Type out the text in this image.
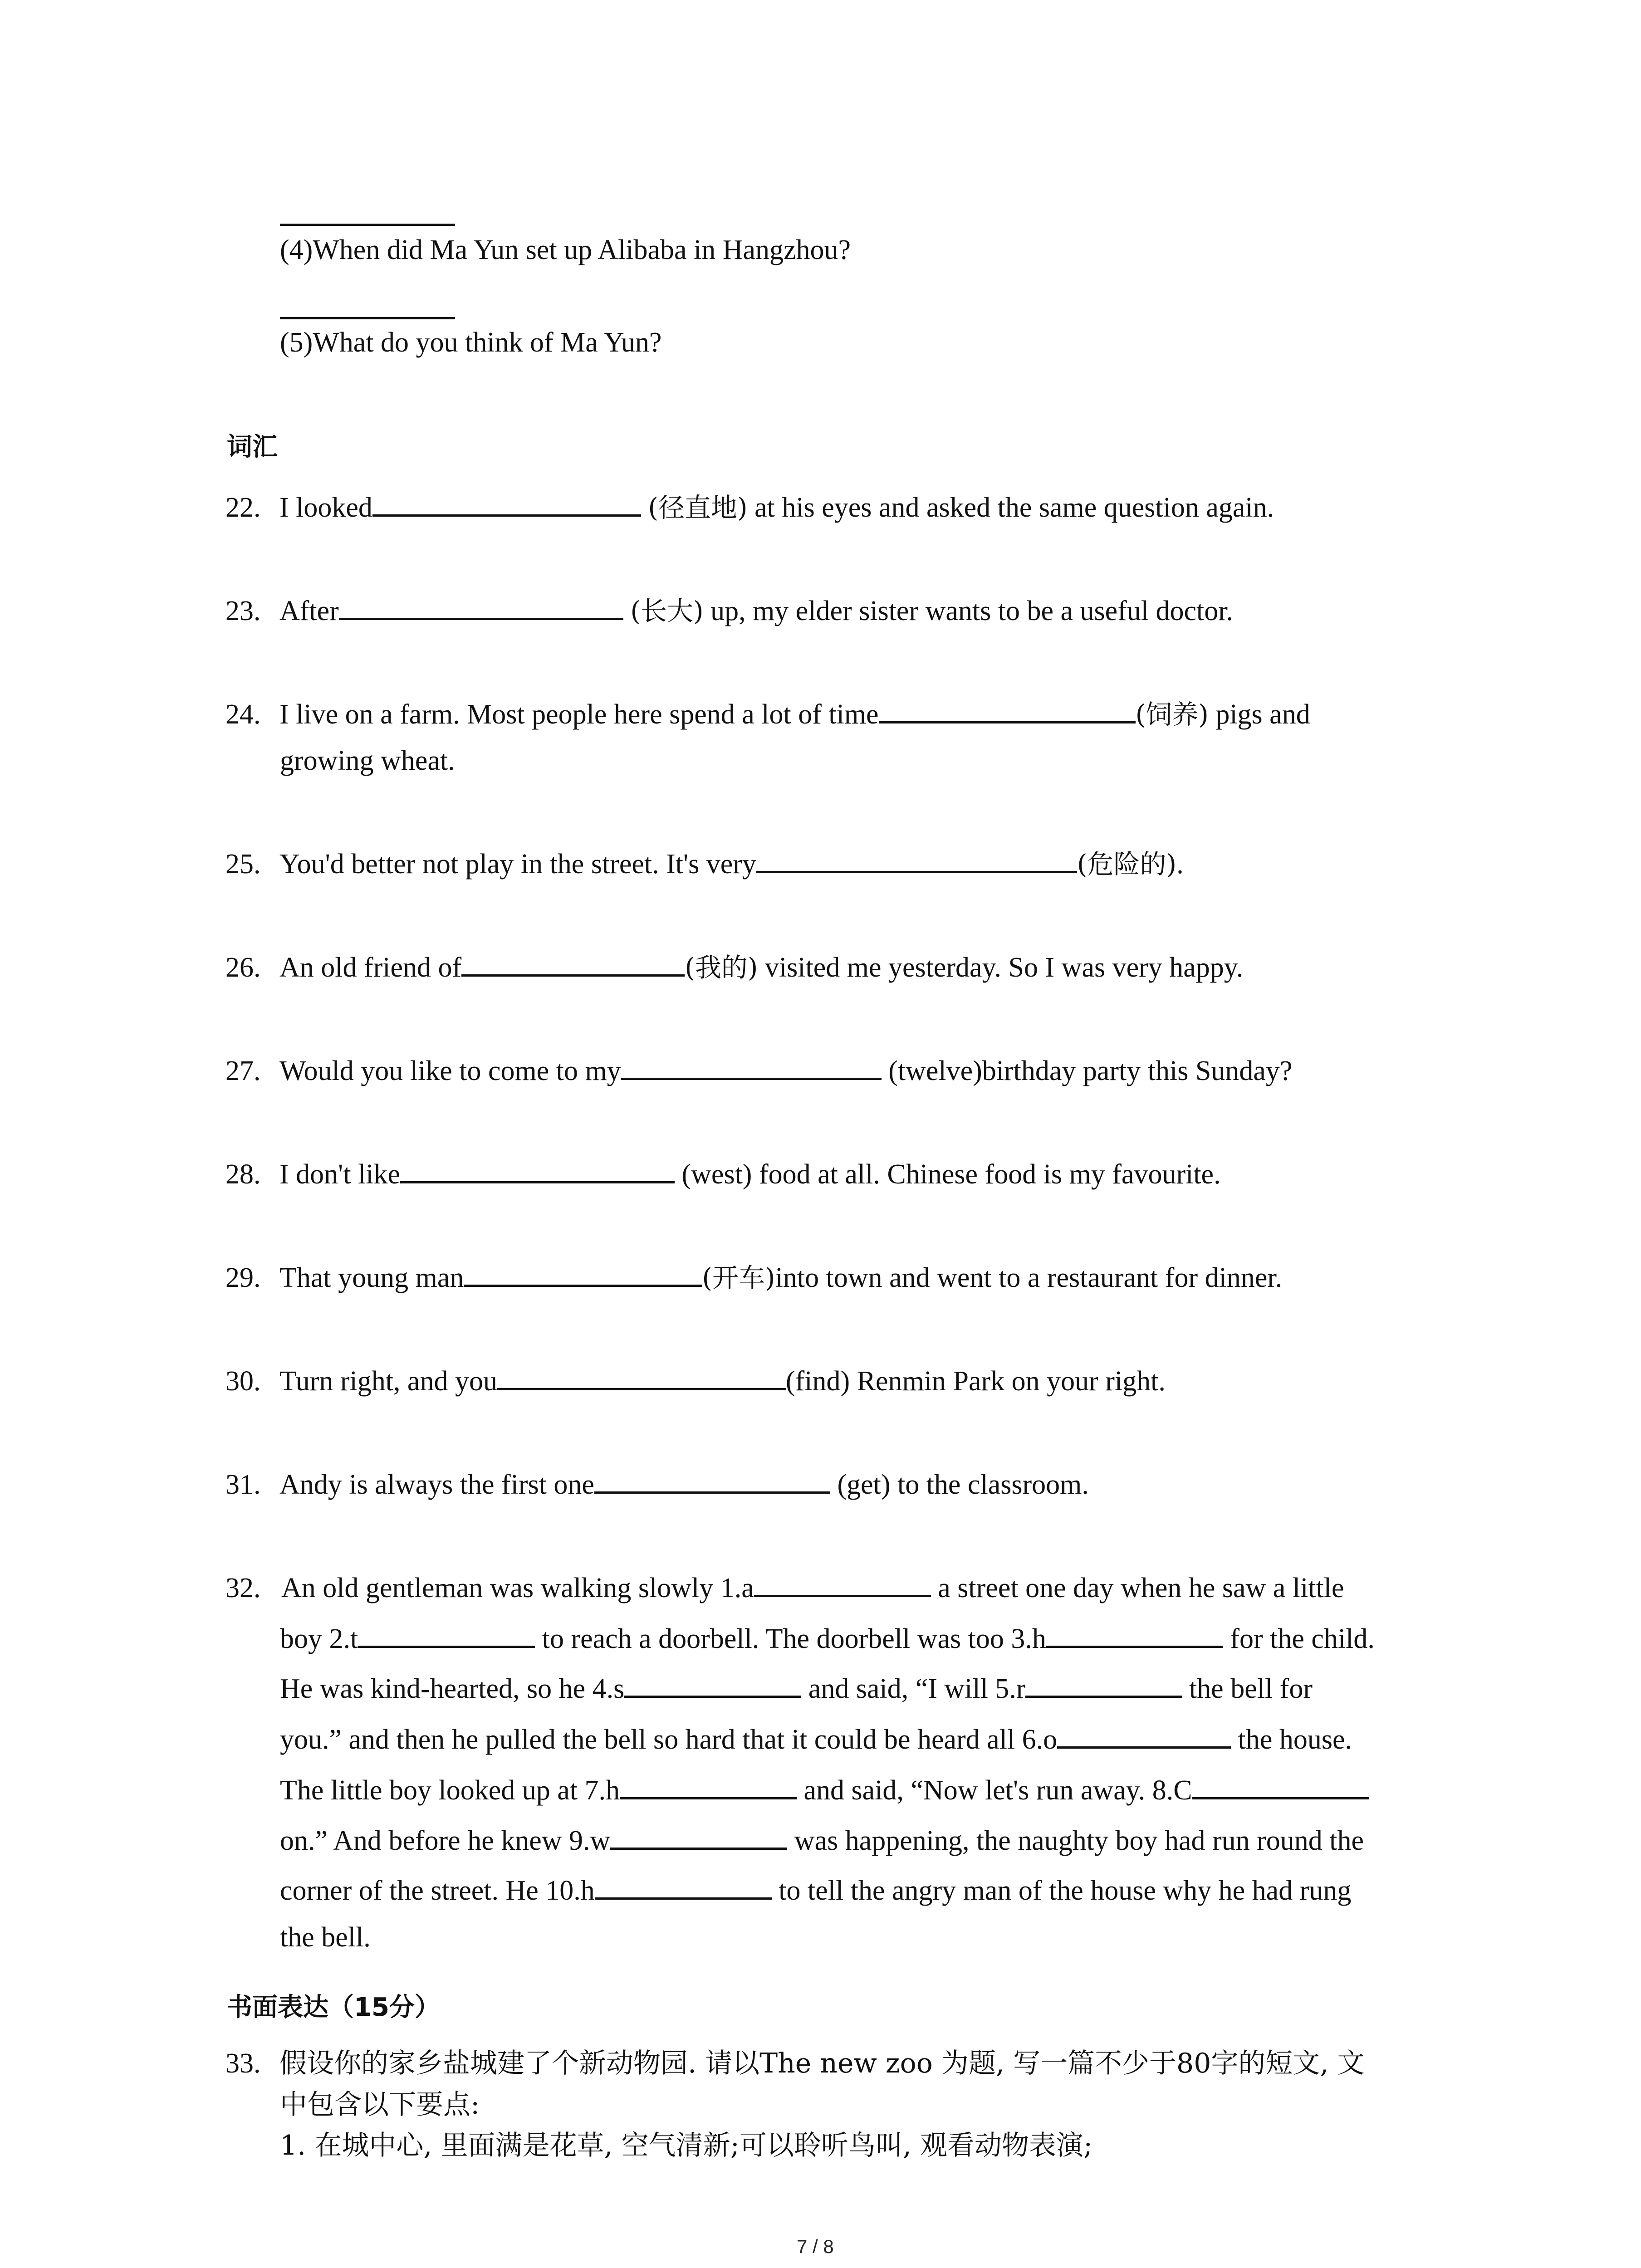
(4)When did Ma Yun set up Alibaba in Hangzhou?
(5)What do you think of Ma Yun?
词汇
22. I looked	(径直地) at his eyes and asked the same question again.
23. After	(长大) up, my elder sister wants to be a useful doctor.
24. I live on a farm. Most people here spend a lot of time	(饲养) pigs and
growing wheat.
25. You'd better not play in the street. It's very	(危险的).
26. An old friend of	(我的) visited me yesterday. So I was very happy.
27. Would you like to come to my	(twelve)birthday party this Sunday?
28. I don't like	(west) food at all. Chinese food is my favourite.
29. That young man	(开车)into town and went to a restaurant for dinner.
30. Turn right, and you	(find) Renmin Park on your right.
31. Andy is always the first one	(get) to the classroom.
32. An old gentleman was walking slowly 1.a	a street one day when he saw a little
boy 2.t	to reach a doorbell. The doorbell was too 3.h	for the child.
He was kind-hearted, so he 4.s	and said, “I will 5.r	the bell for
you.” and then he pulled the bell so hard that it could be heard all 6.o	the house.
The little boy looked up at 7.h	and said, “Now let's run away. 8.C
on.” And before he knew 9.w	was happening, the naughty boy had run round the
corner of the street. He 10.h	to tell the angry man of the house why he had rung
the bell.
书面表达（15分）
33. 假设你的家乡盐城建了个新动物园. 请以The new zoo 为题, 写一篇不少于80字的短文, 文
中包含以下要点:
1. 在城中心, 里面满是花草, 空气清新;可以聆听鸟叫, 观看动物表演;
7 / 8
